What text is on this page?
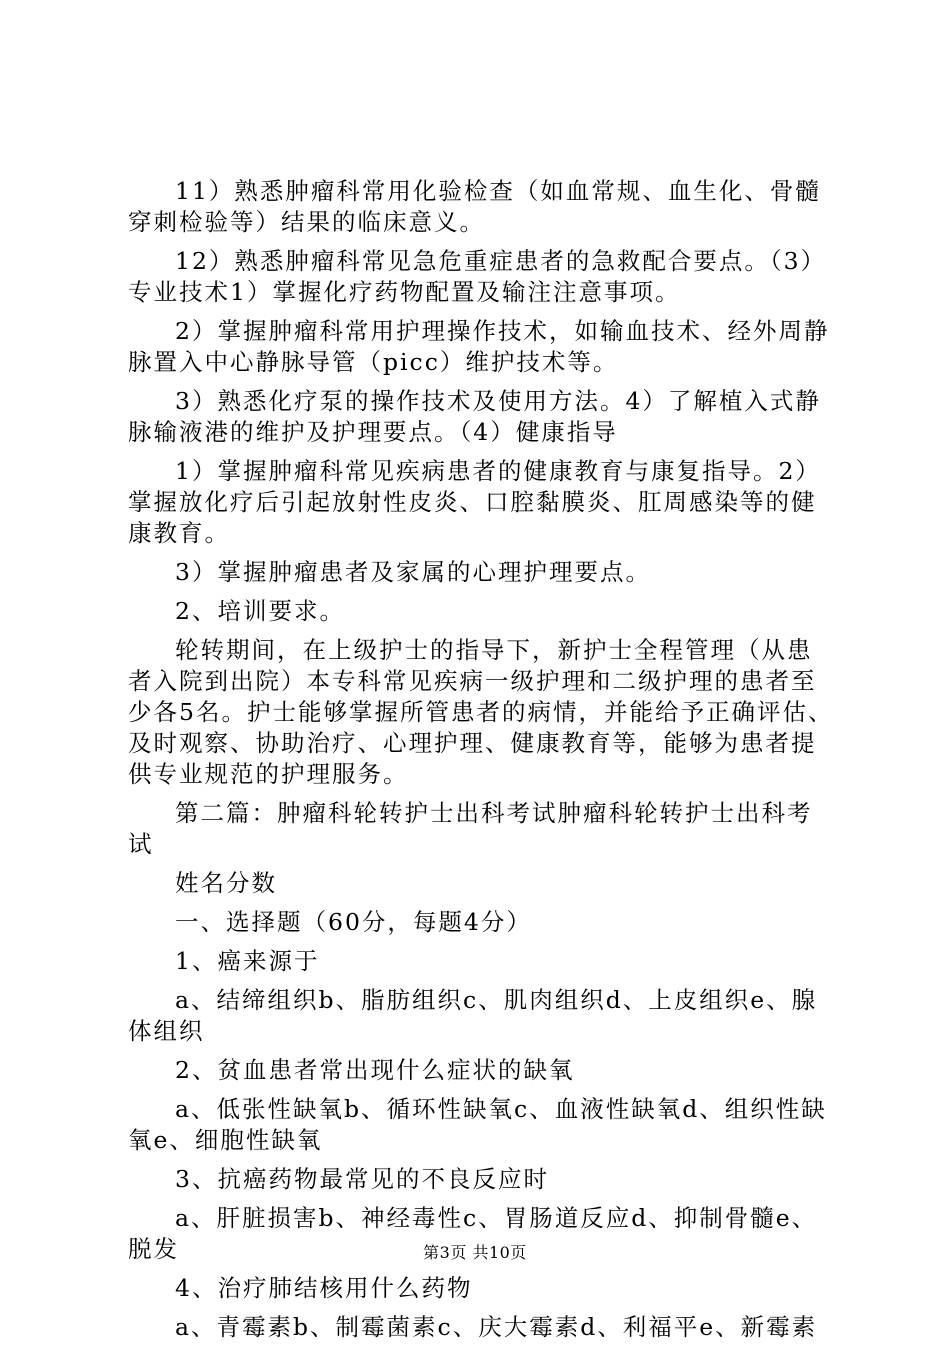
11）熟悉肿瘤科常用化验检查（如血常规、血生化、骨髓穿刺检验等）结果的临床意义。

12）熟悉肿瘤科常见急危重症患者的急救配合要点。（3）专业技术1）掌握化疗药物配置及输注注意事项。

2）掌握肿瘤科常用护理操作技术，如输血技术、经外周静脉置入中心静脉导管（picc）维护技术等。

3）熟悉化疗泵的操作技术及使用方法。4）了解植入式静脉输液港的维护及护理要点。（4）健康指导

1）掌握肿瘤科常见疾病患者的健康教育与康复指导。2）掌握放化疗后引起放射性皮炎、口腔黏膜炎、肛周感染等的健康教育。

3）掌握肿瘤患者及家属的心理护理要点。

2、培训要求。

轮转期间，在上级护士的指导下，新护士全程管理（从患者入院到出院）本专科常见疾病一级护理和二级护理的患者至少各5名。护士能够掌握所管患者的病情，并能给予正确评估、及时观察、协助治疗、心理护理、健康教育等，能够为患者提供专业规范的护理服务。

第二篇：肿瘤科轮转护士出科考试肿瘤科轮转护士出科考试

姓名分数

一、选择题（60分，每题4分）

1、癌来源于

a、结缔组织b、脂肪组织c、肌肉组织d、上皮组织e、腺体组织

2、贫血患者常出现什么症状的缺氧

a、低张性缺氧b、循环性缺氧c、血液性缺氧d、组织性缺氧e、细胞性缺氧

3、抗癌药物最常见的不良反应时

a、肝脏损害b、神经毒性c、胃肠道反应d、抑制骨髓e、脱发

4、治疗肺结核用什么药物

a、青霉素b、制霉菌素c、庆大霉素d、利福平e、新霉素

第3页 共10页
